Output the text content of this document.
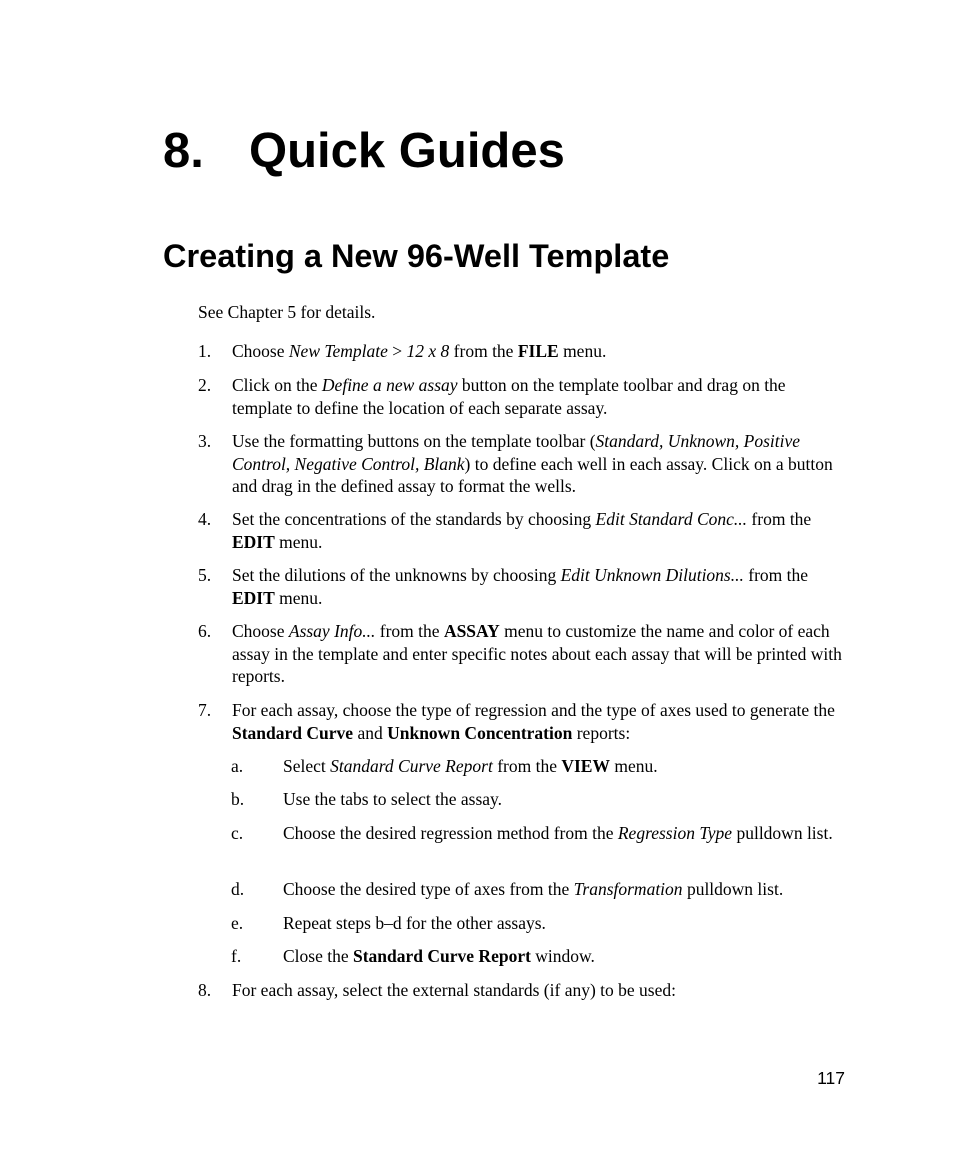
8. Quick Guides
Creating a New 96-Well Template

See Chapter 5 for details.

1. Choose New Template > 12 x 8 from the FILE menu.
2. Click on the Define a new assay button on the template toolbar and drag on the template to define the location of each separate assay.
3. Use the formatting buttons on the template toolbar (Standard, Unknown, Positive Control, Negative Control, Blank) to define each well in each assay. Click on a button and drag in the defined assay to format the wells.
4. Set the concentrations of the standards by choosing Edit Standard Conc... from the EDIT menu.
5. Set the dilutions of the unknowns by choosing Edit Unknown Dilutions... from the EDIT menu.
6. Choose Assay Info... from the ASSAY menu to customize the name and color of each assay in the template and enter specific notes about each assay that will be printed with reports.
7. For each assay, choose the type of regression and the type of axes used to generate the Standard Curve and Unknown Concentration reports:
a. Select Standard Curve Report from the VIEW menu.
b. Use the tabs to select the assay.
c. Choose the desired regression method from the Regression Type pulldown list.
d. Choose the desired type of axes from the Transformation pulldown list.
e. Repeat steps b–d for the other assays.
f. Close the Standard Curve Report window.
8. For each assay, select the external standards (if any) to be used:
117
